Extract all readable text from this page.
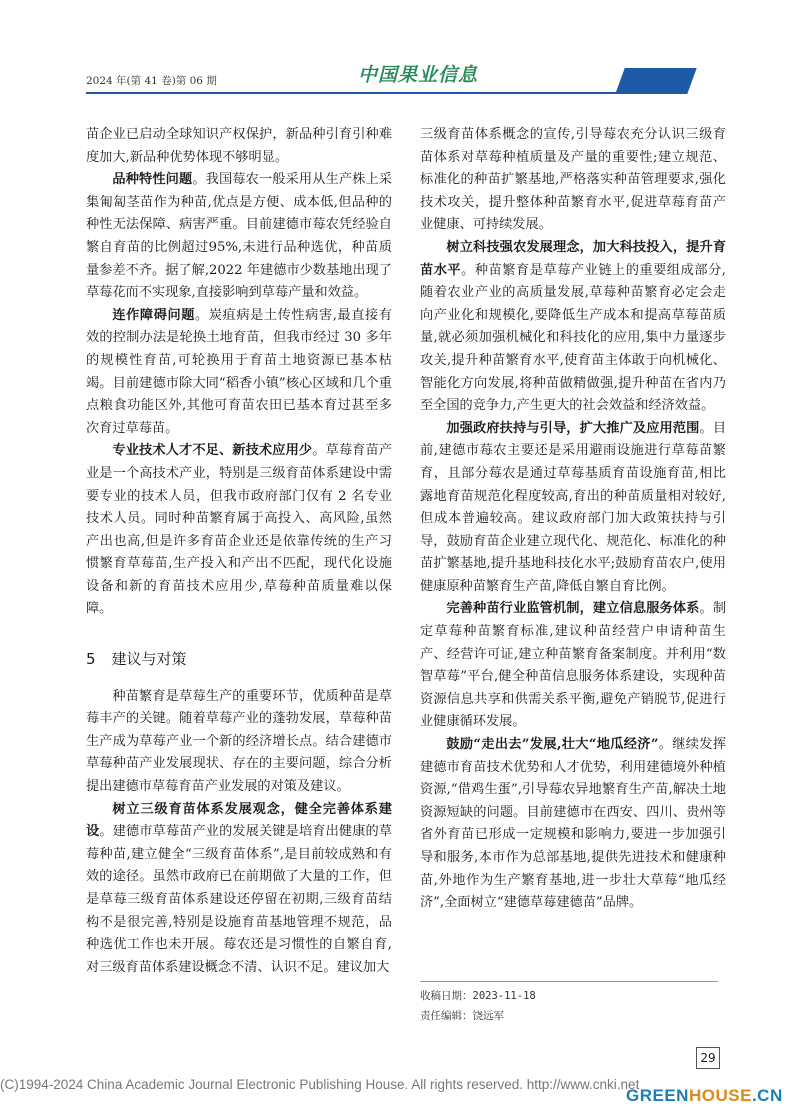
2024 年(第 41 卷)第 06 期	中国果业信息

苗企业已启动全球知识产权保护，新品种引育引种难度加大,新品种优势体现不够明显。

品种特性问题。我国莓农一般采用从生产株上采集匍匐茎苗作为种苗,优点是方便、成本低,但品种的种性无法保障、病害严重。目前建德市莓农凭经验自繁自育苗的比例超过95%,未进行品种选优，种苗质量参差不齐。据了解,2022 年建德市少数基地出现了草莓花而不实现象,直接影响到草莓产量和效益。

连作障碍问题。炭疽病是土传性病害,最直接有效的控制办法是轮换土地育苗，但我市经过 30 多年的规模性育苗,可轮换用于育苗土地资源已基本枯竭。目前建德市除大同“稻香小镇”核心区域和几个重点粮食功能区外,其他可育苗农田已基本育过甚至多次育过草莓苗。

专业技术人才不足、新技术应用少。草莓育苗产业是一个高技术产业，特别是三级育苗体系建设中需要专业的技术人员，但我市政府部门仅有 2 名专业技术人员。同时种苗繁育属于高投入、高风险,虽然产出也高,但是许多育苗企业还是依靠传统的生产习惯繁育草莓苗,生产投入和产出不匹配，现代化设施设备和新的育苗技术应用少,草莓种苗质量难以保障。

5 建议与对策

种苗繁育是草莓生产的重要环节，优质种苗是草莓丰产的关键。随着草莓产业的蓬勃发展，草莓种苗生产成为草莓产业一个新的经济增长点。结合建德市草莓种苗产业发展现状、存在的主要问题，综合分析提出建德市草莓育苗产业发展的对策及建议。

树立三级育苗体系发展观念，健全完善体系建设。建德市草莓苗产业的发展关键是培育出健康的草莓种苗,建立健全“三级育苗体系”,是目前较成熟和有效的途径。虽然市政府已在前期做了大量的工作，但是草莓三级育苗体系建设还停留在初期,三级育苗结构不是很完善,特别是设施育苗基地管理不规范，品种选优工作也未开展。莓农还是习惯性的自繁自育,对三级育苗体系建设概念不清、认识不足。建议加大

三级育苗体系概念的宣传,引导莓农充分认识三级育苗体系对草莓种植质量及产量的重要性;建立规范、标准化的种苗扩繁基地,严格落实种苗管理要求,强化技术攻关，提升整体种苗繁育水平,促进草莓育苗产业健康、可持续发展。

树立科技强农发展理念，加大科技投入，提升育苗水平。种苗繁育是草莓产业链上的重要组成部分,随着农业产业的高质量发展,草莓种苗繁育必定会走向产业化和规模化,要降低生产成本和提高草莓苗质量,就必须加强机械化和科技化的应用,集中力量逐步攻关,提升种苗繁育水平,使育苗主体敢于向机械化、智能化方向发展,将种苗做精做强,提升种苗在省内乃至全国的竞争力,产生更大的社会效益和经济效益。

加强政府扶持与引导，扩大推广及应用范围。目前,建德市莓农主要还是采用避雨设施进行草莓苗繁育，且部分莓农是通过草莓基质育苗设施育苗,相比露地育苗规范化程度较高,育出的种苗质量相对较好,但成本普遍较高。建议政府部门加大政策扶持与引导，鼓励育苗企业建立现代化、规范化、标准化的种苗扩繁基地,提升基地科技化水平;鼓励育苗农户,使用健康原种苗繁育生产苗,降低自繁自育比例。

完善种苗行业监管机制，建立信息服务体系。制定草莓种苗繁育标准,建议种苗经营户申请种苗生产、经营许可证,建立种苗繁育备案制度。并利用“数智草莓”平台,健全种苗信息服务体系建设，实现种苗资源信息共享和供需关系平衡,避免产销脱节,促进行业健康循环发展。

鼓励“走出去”发展,壮大“地瓜经济”。继续发挥建德市育苗技术优势和人才优势，利用建德境外种植资源,“借鸡生蛋”,引导莓农异地繁育生产苗,解决土地资源短缺的问题。目前建德市在西安、四川、贵州等省外育苗已形成一定规模和影响力,要进一步加强引导和服务,本市作为总部基地,提供先进技术和健康种苗,外地作为生产繁育基地,进一步壮大草莓“地瓜经济”,全面树立“建德草莓建德苗”品牌。

收稿日期：2023-11-18
责任编辑：饶远军
29
(C)1994-2024 China Academic Journal Electronic Publishing House. All rights reserved. http://www.cnki.net
GREENHOUSE.CN
